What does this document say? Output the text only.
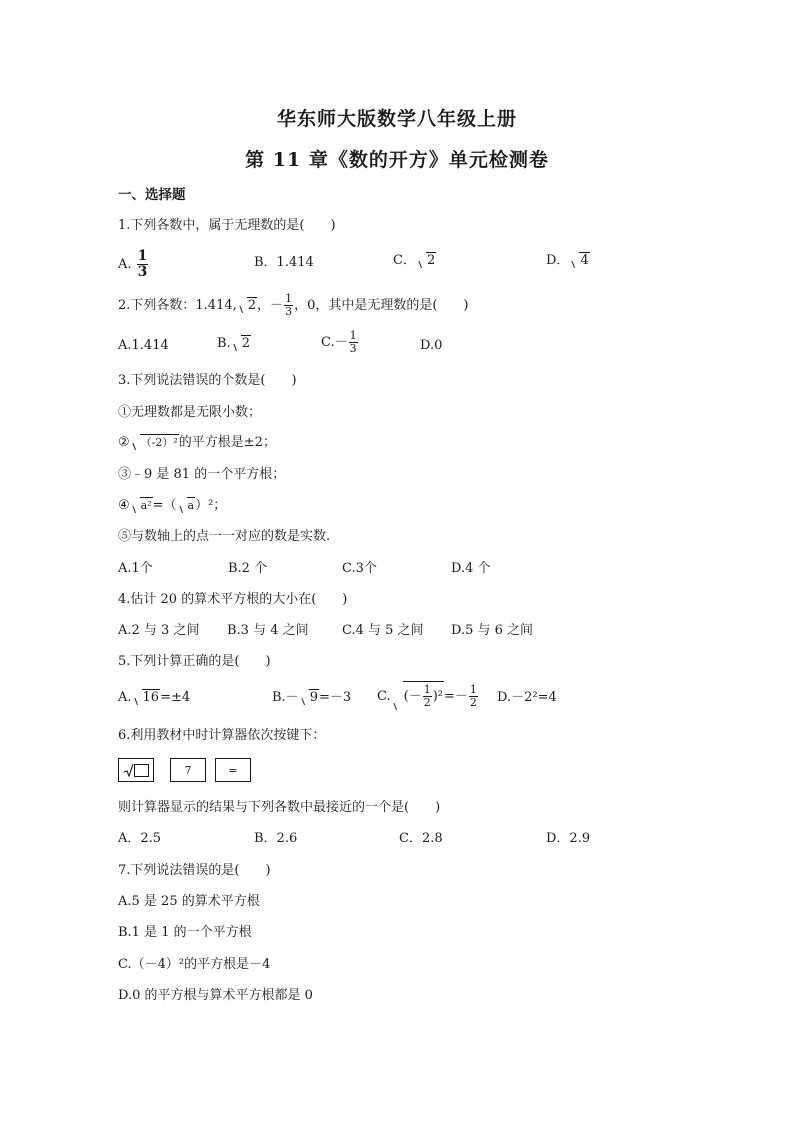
华东师大版数学八年级上册
第 11 章《数的开方》单元检测卷
一、选择题
1.下列各数中，属于无理数的是(　　)
A. $\frac{1}{3}$	B．1.414	C． 2	D． 4
2.下列各数：1.414, 2，－ $\frac{1}{3}$ ，0，其中是无理数的是(　　)
A.1.414	B. 2	$C.- \frac{1}{3}$	D.0
3.下列说法错误的个数是(　　)
①无理数都是无限小数；
② （-2）²的平方根是±2；
③﹣9 是 81 的一个平方根；
④ a²=（ a）²；
⑤与数轴上的点一一对应的数是实数.
A.1个	B.2 个	C.3个	D.4 个
4.估计 20 的算术平方根的大小在(　　)
A.2 与 3 之间 B.3 与 4 之间	C.4 与 5 之间 D.5 与 6 之间
5.下列计算正确的是(　　)
A. 16=±4	B.－ 9=－3 C. (－ $\frac{1}{2} )^2=- \frac{1}{2} D.-2^2=4$
6.利用教材中时计算器依次按键下：
7	=
则计算器显示的结果与下列各数中最接近的一个是(　　)
A．2.5	B．2.6	C．2.8	D．2.9
7.下列说法错误的是(　　)
A.5 是 25 的算术平方根
B.1 是 1 的一个平方根
C.（－4）²的平方根是－4
D.0 的平方根与算术平方根都是 0
